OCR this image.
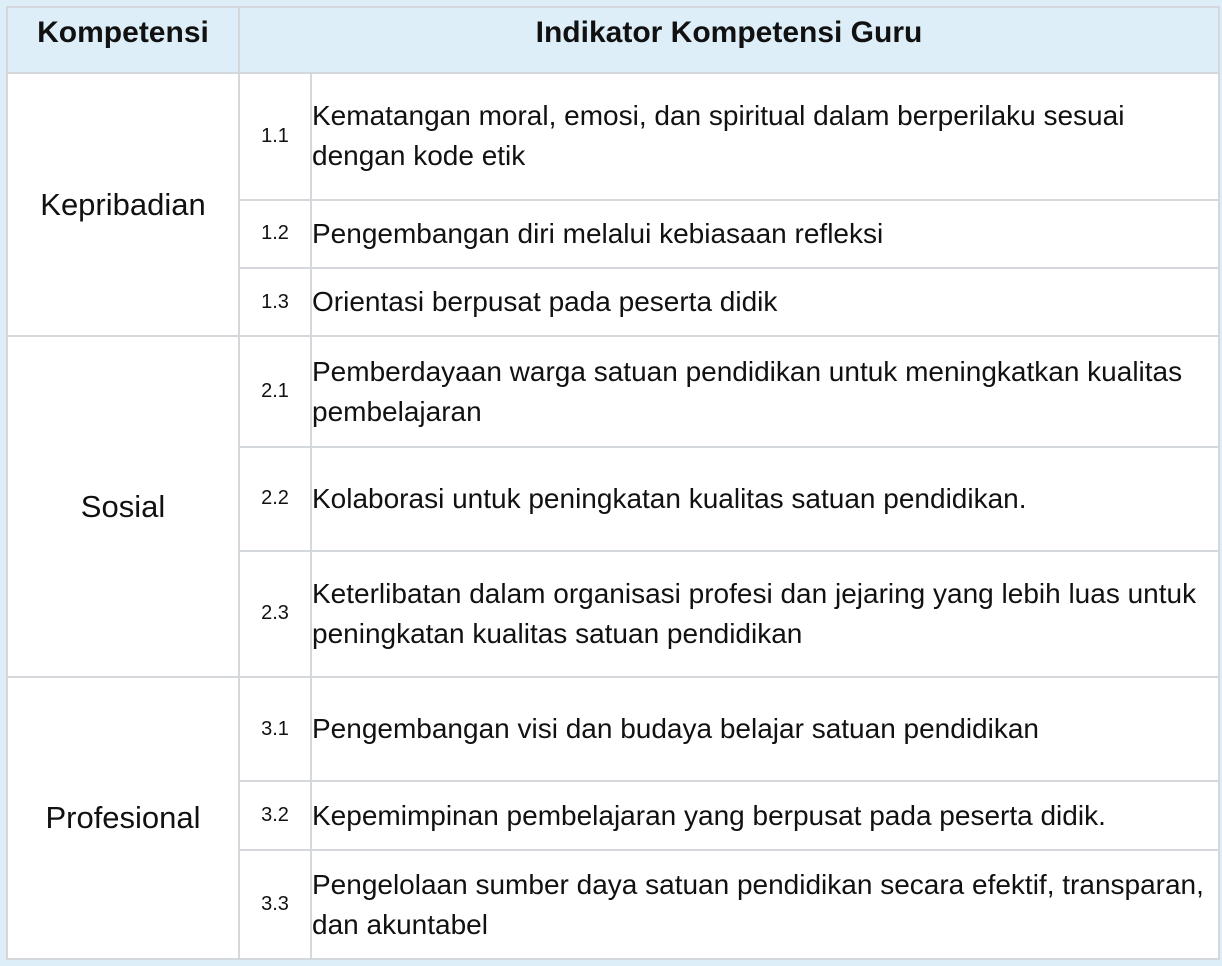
Kompetensi	Indikator Kompetensi Guru	
Kepribadian	1.1	Kematangan moral, emosi, dan spiritual dalam berperilaku sesuai dengan kode etik
	1.2	Pengembangan diri melalui kebiasaan refleksi
	1.3	Orientasi berpusat pada peserta didik
Sosial	2.1	Pemberdayaan warga satuan pendidikan untuk meningkatkan kualitas pembelajaran
	2.2	Kolaborasi untuk peningkatan kualitas satuan pendidikan.
	2.3	Keterlibatan dalam organisasi profesi dan jejaring yang lebih luas untuk peningkatan kualitas satuan pendidikan
Profesional	3.1	Pengembangan visi dan budaya belajar satuan pendidikan
	3.2	Kepemimpinan pembelajaran yang berpusat pada peserta didik.
	3.3	Pengelolaan sumber daya satuan pendidikan secara efektif, transparan, dan akuntabel
